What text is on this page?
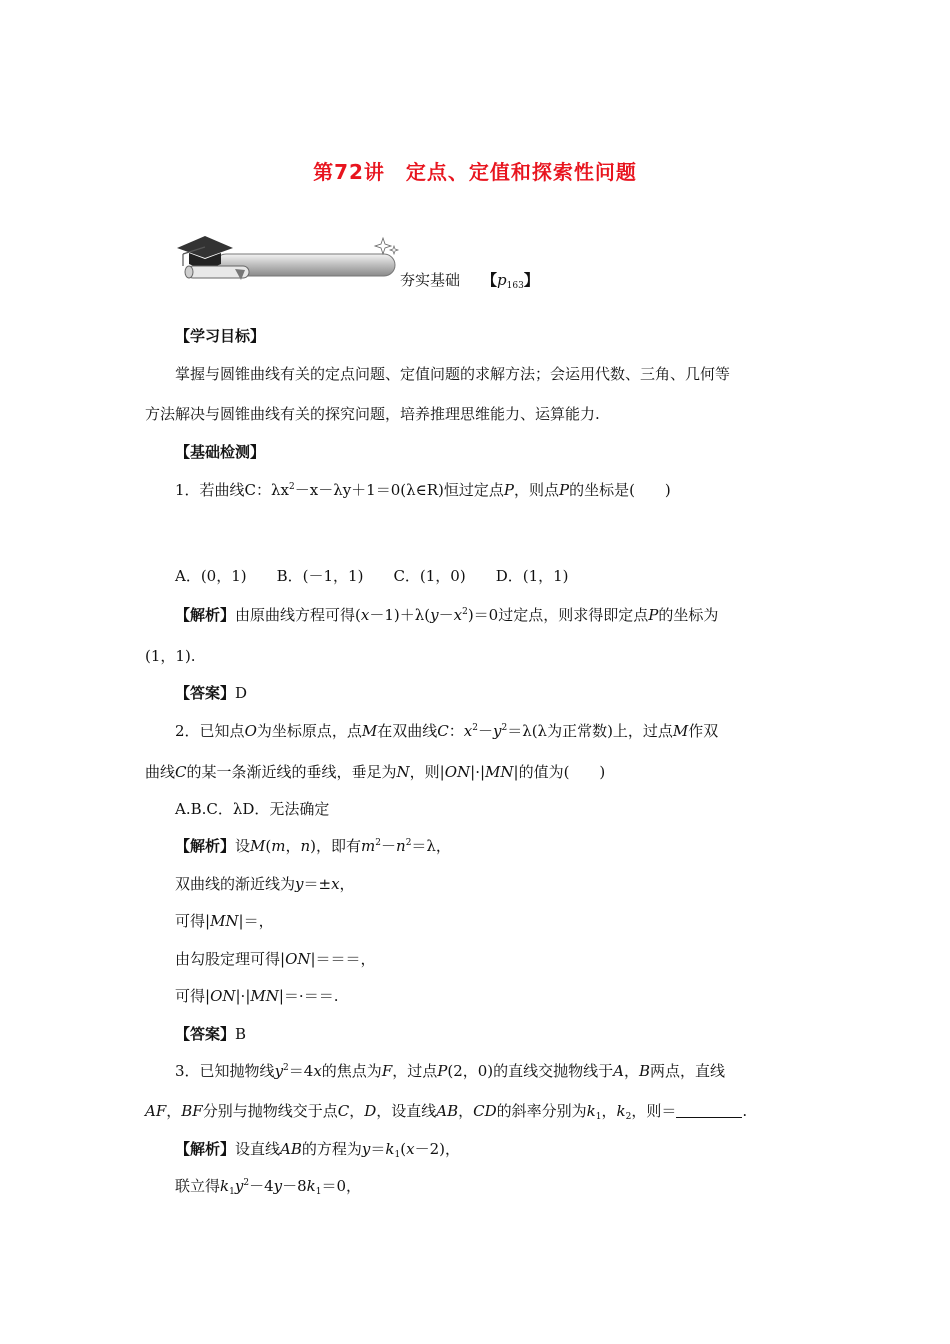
第72讲　定点、定值和探索性问题
夯实基础 【$p_{163}$】
【学习目标】
掌握与圆锥曲线有关的定点问题、定值问题的求解方法；会运用代数、三角、几何等
方法解决与圆锥曲线有关的探究问题，培养推理思维能力、运算能力.
【基础检测】
1．若曲线C：$\lambda x^2-x-\lambda y+1=0(\lambda\in R)$恒过定点P，则点P的坐标是(　　)
A．(0，1)　　B．(－1，1)　　C．(1，0)　　D．(1，1)
【解析】由原曲线方程可得$(x-1)+\lambda(y-x^2)=0$过定点，则求得即定点P的坐标为
(1，1).
【答案】D
2．已知点O为坐标原点，点M在双曲线C：$x^2-y^2=\lambda(\lambda$为正常数)上，过点M作双
曲线C的某一条渐近线的垂线，垂足为N，则|ON|·|MN|的值为(　　)
A.B.C．λD．无法确定
【解析】设M(m，n)，即有$m^2-n^2=\lambda$，
双曲线的渐近线为y＝±x，
可得|MN|＝，
由勾股定理可得|ON|＝＝＝，
可得|ON|·|MN|＝·＝＝.
【答案】B
3．已知抛物线$y^2=4x$的焦点为F，过点P(2，0)的直线交抛物线于A，B两点，直线
AF，BF分别与抛物线交于点C，D，设直线AB，CD的斜率分别为$k_1$，$k_2$，则＝	.
【解析】设直线AB的方程为$y=k_1(x-2)$，
联立得$k_1y^2-4y-8k_1=0$，
